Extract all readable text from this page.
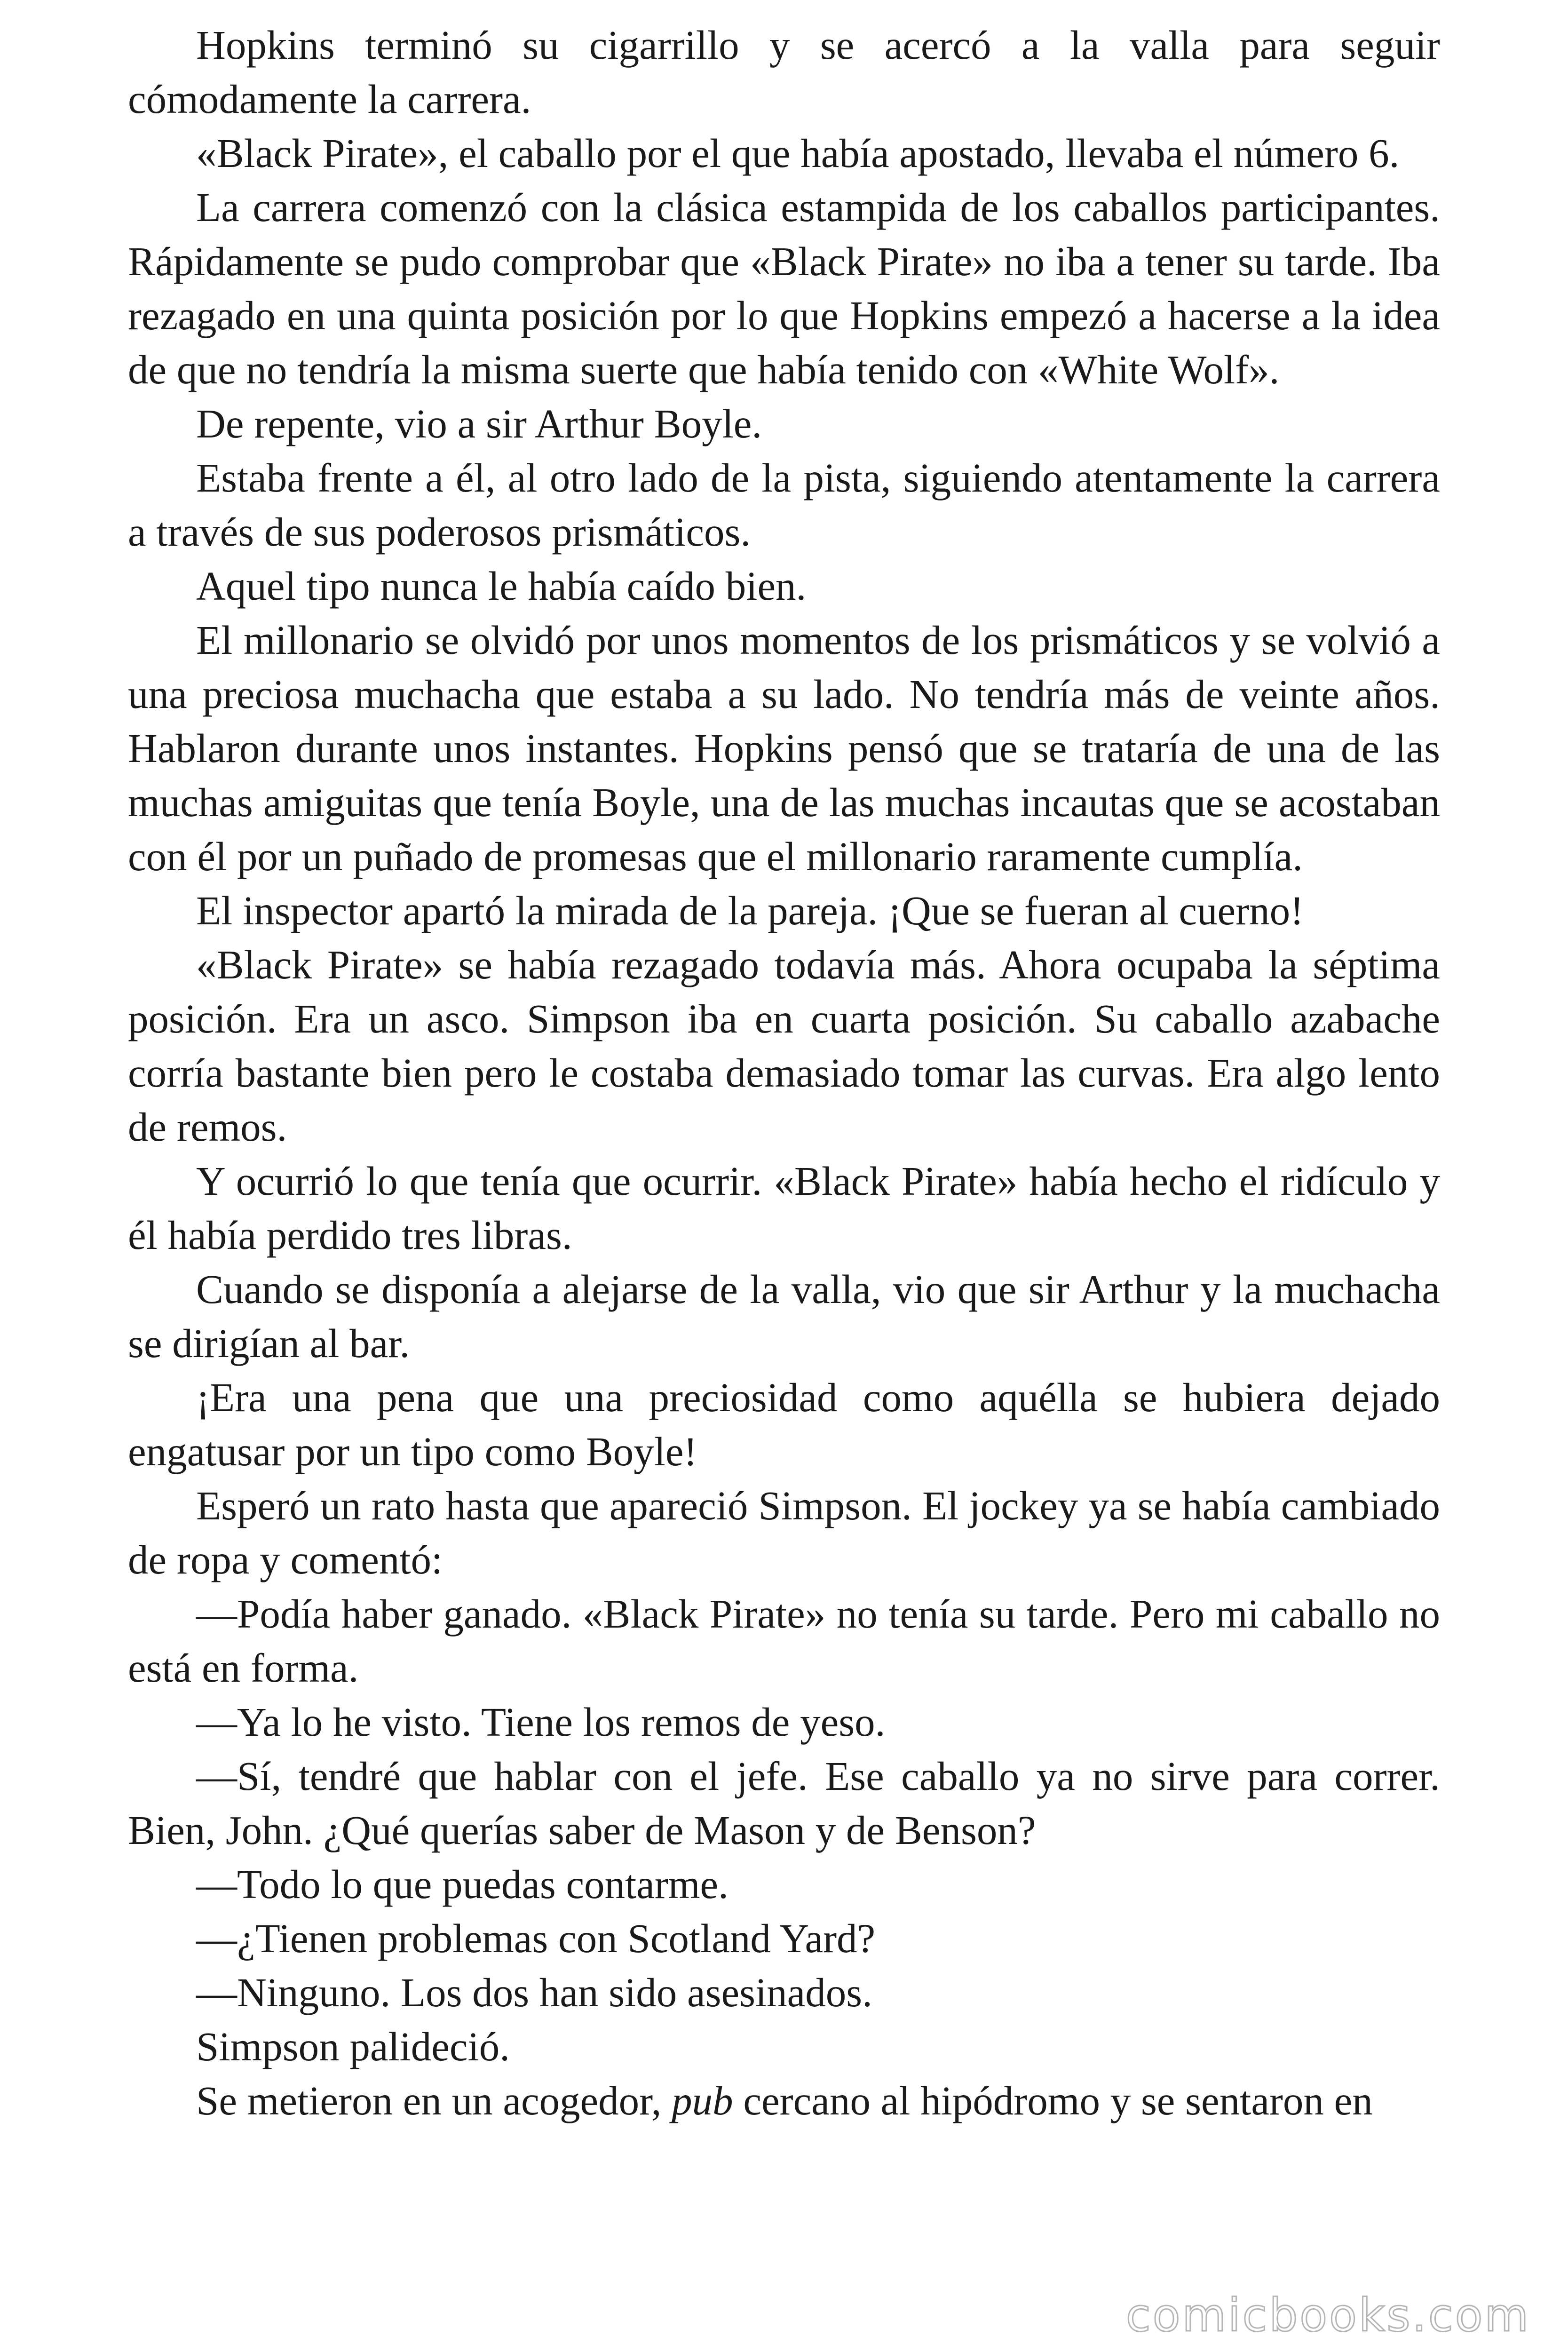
Hopkins terminó su cigarrillo y se acercó a la valla para seguir cómodamente la carrera.

«Black Pirate», el caballo por el que había apostado, llevaba el número 6.

La carrera comenzó con la clásica estampida de los caballos participantes. Rápidamente se pudo comprobar que «Black Pirate» no iba a tener su tarde. Iba rezagado en una quinta posición por lo que Hopkins empezó a hacerse a la idea de que no tendría la misma suerte que había tenido con «White Wolf».

De repente, vio a sir Arthur Boyle.

Estaba frente a él, al otro lado de la pista, siguiendo atentamente la carrera a través de sus poderosos prismáticos.

Aquel tipo nunca le había caído bien.

El millonario se olvidó por unos momentos de los prismáticos y se volvió a una preciosa muchacha que estaba a su lado. No tendría más de veinte años. Hablaron durante unos instantes. Hopkins pensó que se trataría de una de las muchas amiguitas que tenía Boyle, una de las muchas incautas que se acostaban con él por un puñado de promesas que el millonario raramente cumplía.

El inspector apartó la mirada de la pareja. ¡Que se fueran al cuerno!

«Black Pirate» se había rezagado todavía más. Ahora ocupaba la séptima posición. Era un asco. Simpson iba en cuarta posición. Su caballo azabache corría bastante bien pero le costaba demasiado tomar las curvas. Era algo lento de remos.

Y ocurrió lo que tenía que ocurrir. «Black Pirate» había hecho el ridículo y él había perdido tres libras.

Cuando se disponía a alejarse de la valla, vio que sir Arthur y la muchacha se dirigían al bar.

¡Era una pena que una preciosidad como aquélla se hubiera dejado engatusar por un tipo como Boyle!

Esperó un rato hasta que apareció Simpson. El jockey ya se había cambiado de ropa y comentó:

—Podía haber ganado. «Black Pirate» no tenía su tarde. Pero mi caballo no está en forma.

—Ya lo he visto. Tiene los remos de yeso.

—Sí, tendré que hablar con el jefe. Ese caballo ya no sirve para correr. Bien, John. ¿Qué querías saber de Mason y de Benson?

—Todo lo que puedas contarme.

—¿Tienen problemas con Scotland Yard?

—Ninguno. Los dos han sido asesinados.

Simpson palideció.

Se metieron en un acogedor, pub cercano al hipódromo y se sentaron en

comicbooks.com
